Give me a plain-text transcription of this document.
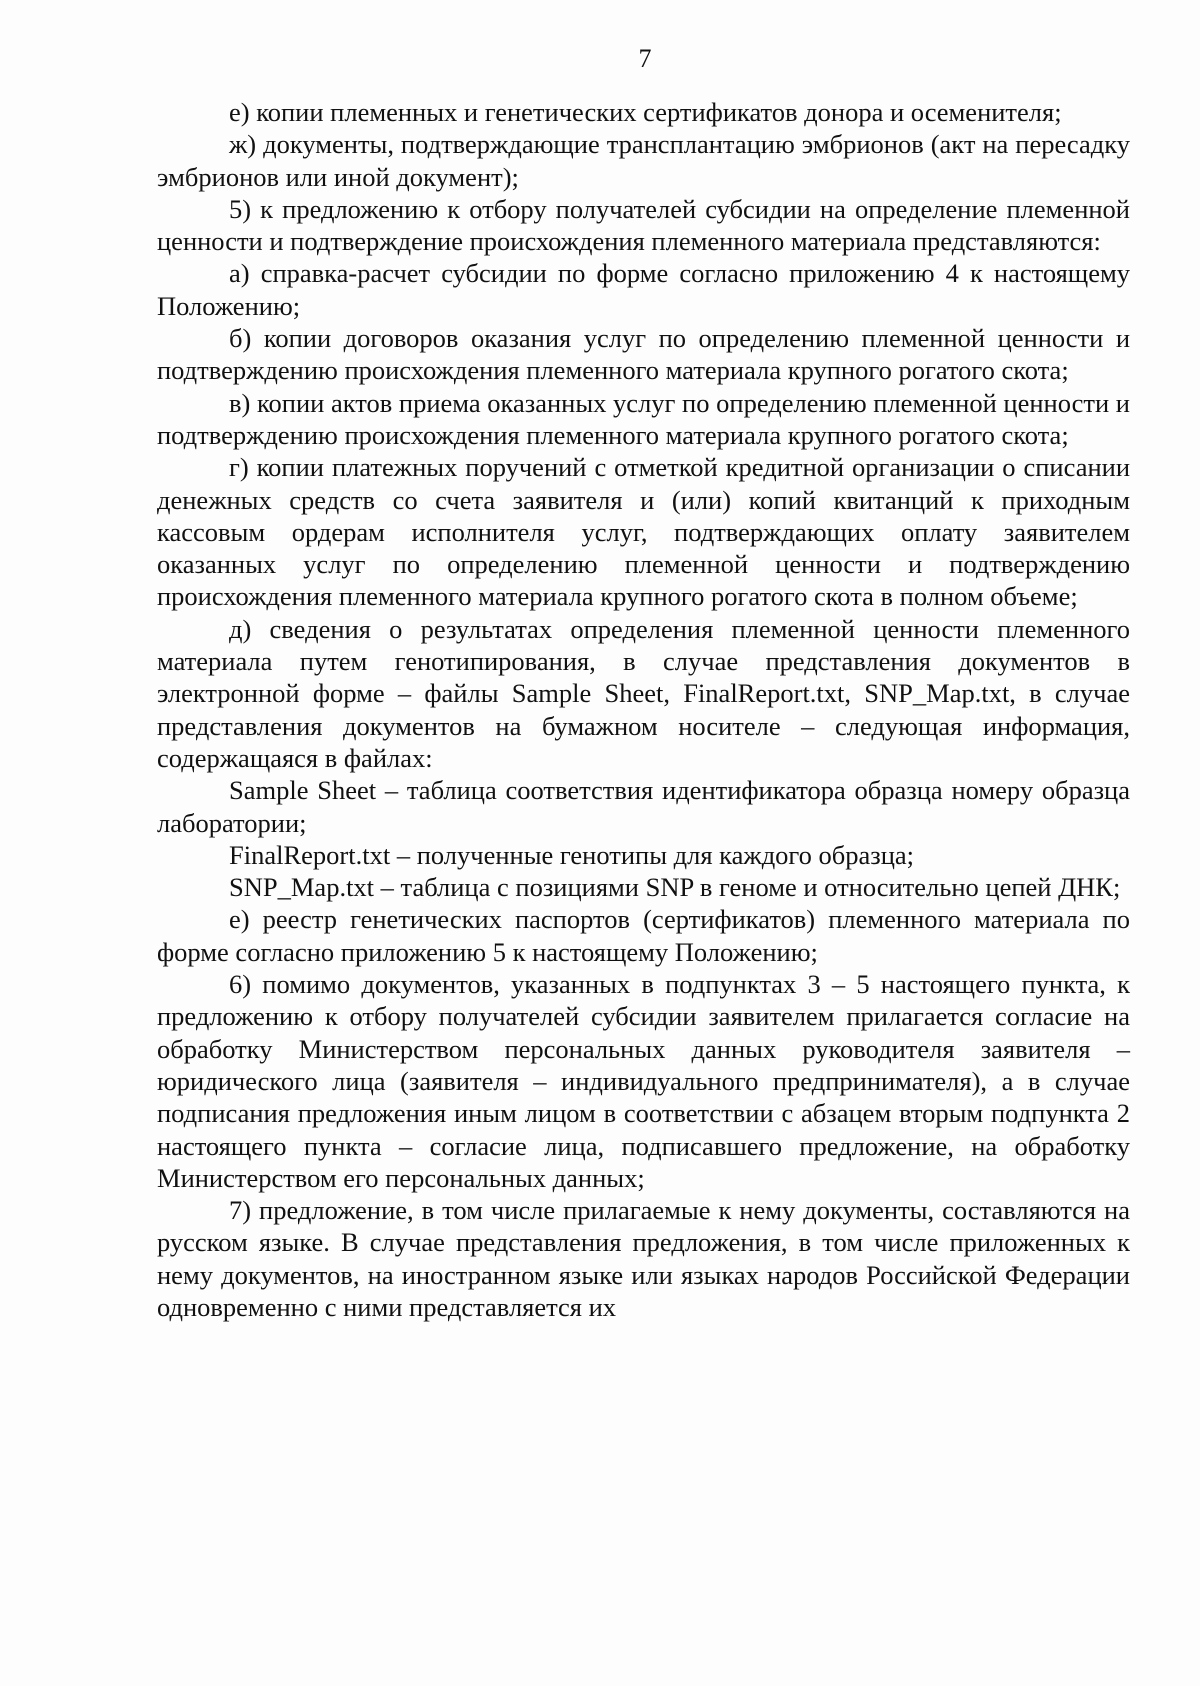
7

е) копии племенных и генетических сертификатов донора и осеменителя;

ж) документы, подтверждающие трансплантацию эмбрионов (акт на пересадку эмбрионов или иной документ);

5) к предложению к отбору получателей субсидии на определение племенной ценности и подтверждение происхождения племенного материала представляются:

а) справка-расчет субсидии по форме согласно приложению 4 к настоящему Положению;

б) копии договоров оказания услуг по определению племенной ценности и подтверждению происхождения племенного материала крупного рогатого скота;

в) копии актов приема оказанных услуг по определению племенной ценности и подтверждению происхождения племенного материала крупного рогатого скота;

г) копии платежных поручений с отметкой кредитной организации о списании денежных средств со счета заявителя и (или) копий квитанций к приходным кассовым ордерам исполнителя услуг, подтверждающих оплату заявителем оказанных услуг по определению племенной ценности и подтверждению происхождения племенного материала крупного рогатого скота в полном объеме;

д) сведения о результатах определения племенной ценности племенного материала путем генотипирования, в случае представления документов в электронной форме – файлы Sample Sheet, FinalReport.txt, SNP_Map.txt, в случае представления документов на бумажном носителе – следующая информация, содержащаяся в файлах:

Sample Sheet – таблица соответствия идентификатора образца номеру образца лаборатории;

FinalReport.txt – полученные генотипы для каждого образца;

SNP_Map.txt – таблица с позициями SNP в геноме и относительно цепей ДНК;

е) реестр генетических паспортов (сертификатов) племенного материала по форме согласно приложению 5 к настоящему Положению;

6) помимо документов, указанных в подпунктах 3 – 5 настоящего пункта, к предложению к отбору получателей субсидии заявителем прилагается согласие на обработку Министерством персональных данных руководителя заявителя – юридического лица (заявителя – индивидуального предпринимателя), а в случае подписания предложения иным лицом в соответствии с абзацем вторым подпункта 2 настоящего пункта – согласие лица, подписавшего предложение, на обработку Министерством его персональных данных;

7) предложение, в том числе прилагаемые к нему документы, составляются на русском языке. В случае представления предложения, в том числе приложенных к нему документов, на иностранном языке или языках народов Российской Федерации одновременно с ними представляется их
